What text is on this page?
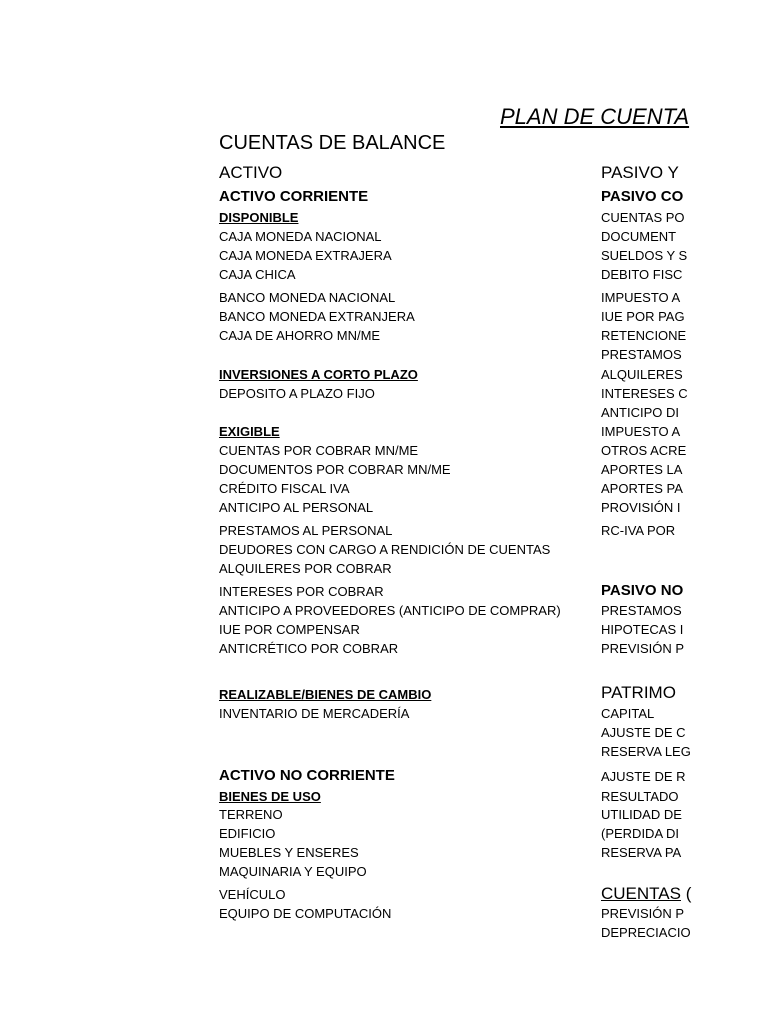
PLAN DE CUENTA
CUENTAS DE BALANCE
ACTIVO
ACTIVO CORRIENTE
DISPONIBLE
CAJA MONEDA NACIONAL
CAJA MONEDA EXTRAJERA
CAJA CHICA
BANCO MONEDA NACIONAL
BANCO MONEDA EXTRANJERA
CAJA DE AHORRO MN/ME
INVERSIONES A CORTO PLAZO
DEPOSITO A PLAZO FIJO
EXIGIBLE
CUENTAS POR COBRAR MN/ME
DOCUMENTOS POR COBRAR MN/ME
CRÉDITO FISCAL IVA
ANTICIPO AL PERSONAL
PRESTAMOS AL PERSONAL
DEUDORES CON CARGO A RENDICIÓN DE CUENTAS
ALQUILERES POR COBRAR
INTERESES POR COBRAR
ANTICIPO A PROVEEDORES (ANTICIPO DE COMPRAR)
IUE POR COMPENSAR
ANTICRÉTICO POR COBRAR
REALIZABLE/BIENES DE CAMBIO
INVENTARIO DE MERCADERÍA
ACTIVO NO CORRIENTE
BIENES DE USO
TERRENO
EDIFICIO
MUEBLES Y ENSERES
MAQUINARIA Y EQUIPO
VEHÍCULO
EQUIPO DE COMPUTACIÓN
PASIVO Y
PASIVO CO
CUENTAS PO
DOCUMENT
SUELDOS Y S
DEBITO FISC
IMPUESTO A
IUE POR PAG
RETENCIONE
PRESTAMOS
ALQUILERES
INTERESES C
ANTICIPO DI
IMPUESTO A
OTROS ACRE
APORTES LA
APORTES PA
PROVISIÓN I
RC-IVA POR
PASIVO NO
PRESTAMOS
HIPOTECAS I
PREVISIÓN P
PATRIMO
CAPITAL
AJUSTE DE C
RESERVA LEG
AJUSTE DE R
RESULTADO
UTILIDAD DE
(PERDIDA DI
RESERVA PA
CUENTAS (
PREVISIÓN P
DEPRECIACIO
